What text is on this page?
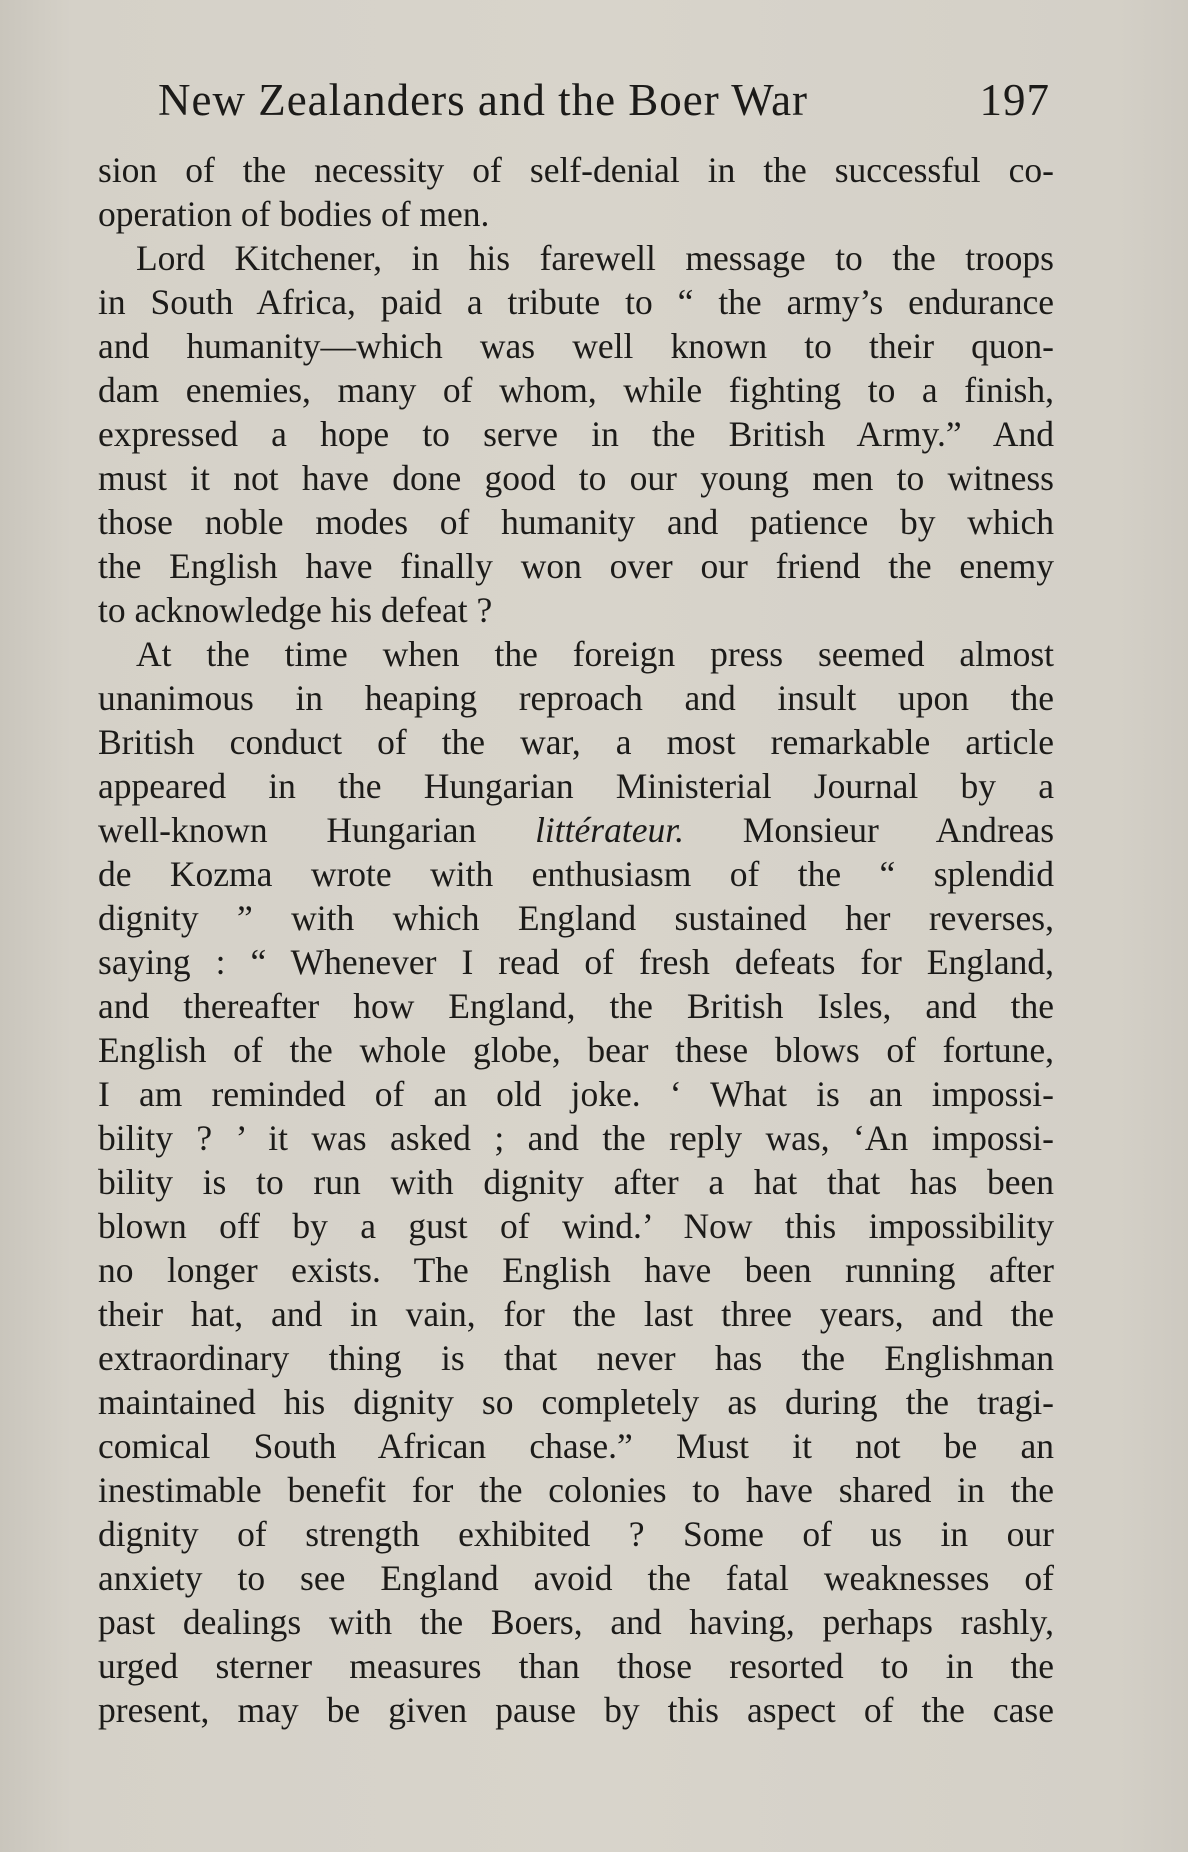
New Zealanders and the Boer War	197
sion of the necessity of self-denial in the successful co-
operation of bodies of men.
Lord Kitchener, in his farewell message to the troops
in South Africa, paid a tribute to “ the army’s endurance
and humanity—which was well known to their quon-
dam enemies, many of whom, while fighting to a finish,
expressed a hope to serve in the British Army.” And
must it not have done good to our young men to witness
those noble modes of humanity and patience by which
the English have finally won over our friend the enemy
to acknowledge his defeat ?
At the time when the foreign press seemed almost
unanimous in heaping reproach and insult upon the
British conduct of the war, a most remarkable article
appeared in the Hungarian Ministerial Journal by a
well-known Hungarian littérateur. Monsieur Andreas
de Kozma wrote with enthusiasm of the “ splendid
dignity ” with which England sustained her reverses,
saying : “ Whenever I read of fresh defeats for England,
and thereafter how England, the British Isles, and the
English of the whole globe, bear these blows of fortune,
I am reminded of an old joke. ‘ What is an impossi-
bility ? ’ it was asked ; and the reply was, ‘An impossi-
bility is to run with dignity after a hat that has been
blown off by a gust of wind.’ Now this impossibility
no longer exists. The English have been running after
their hat, and in vain, for the last three years, and the
extraordinary thing is that never has the Englishman
maintained his dignity so completely as during the tragi-
comical South African chase.” Must it not be an
inestimable benefit for the colonies to have shared in the
dignity of strength exhibited ? Some of us in our
anxiety to see England avoid the fatal weaknesses of
past dealings with the Boers, and having, perhaps rashly,
urged sterner measures than those resorted to in the
present, may be given pause by this aspect of the case
